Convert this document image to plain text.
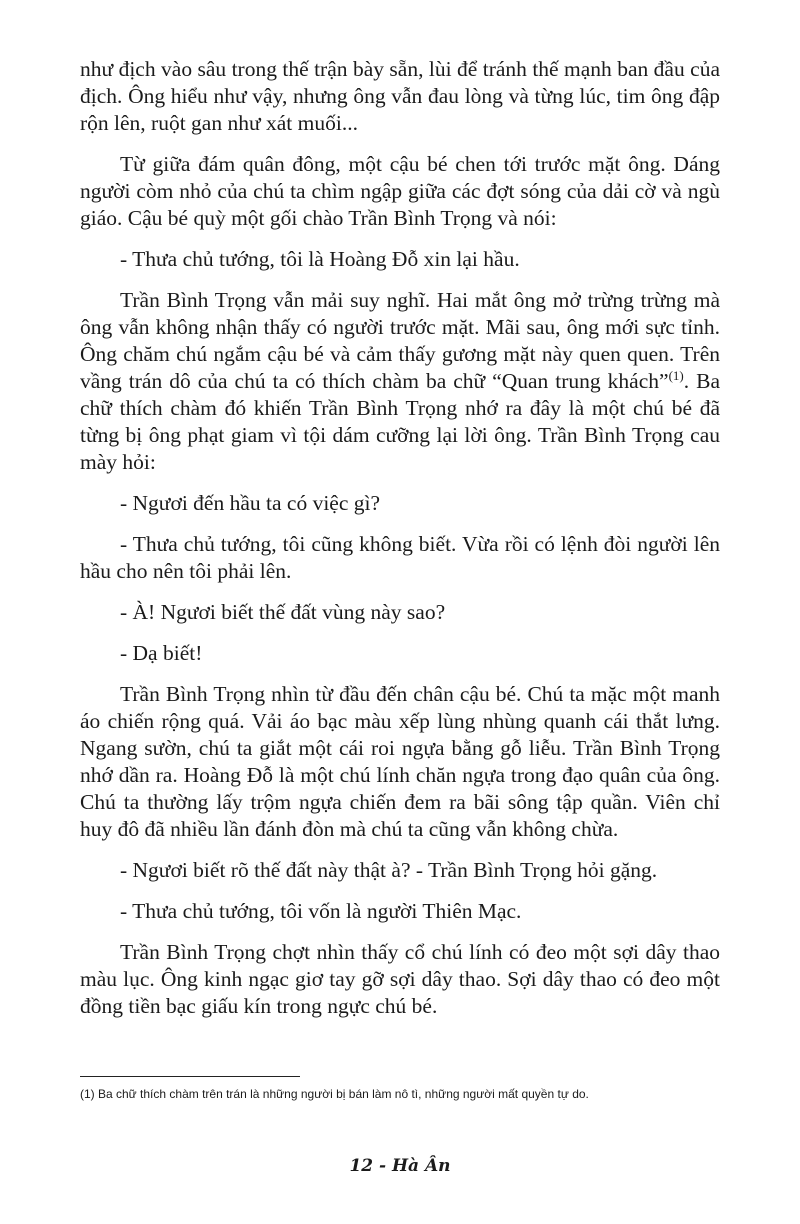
như địch vào sâu trong thế trận bày sẵn, lùi để tránh thế mạnh ban đầu của địch. Ông hiểu như vậy, nhưng ông vẫn đau lòng và từng lúc, tim ông đập rộn lên, ruột gan như xát muối...

Từ giữa đám quân đông, một cậu bé chen tới trước mặt ông. Dáng người còm nhỏ của chú ta chìm ngập giữa các đợt sóng của dải cờ và ngù giáo. Cậu bé quỳ một gối chào Trần Bình Trọng và nói:

- Thưa chủ tướng, tôi là Hoàng Đỗ xin lại hầu.

Trần Bình Trọng vẫn mải suy nghĩ. Hai mắt ông mở trừng trừng mà ông vẫn không nhận thấy có người trước mặt. Mãi sau, ông mới sực tỉnh. Ông chăm chú ngắm cậu bé và cảm thấy gương mặt này quen quen. Trên vầng trán dô của chú ta có thích chàm ba chữ “Quan trung khách”$^{(1)}$. Ba chữ thích chàm đó khiến Trần Bình Trọng nhớ ra đây là một chú bé đã từng bị ông phạt giam vì tội dám cưỡng lại lời ông. Trần Bình Trọng cau mày hỏi:

- Ngươi đến hầu ta có việc gì?

- Thưa chủ tướng, tôi cũng không biết. Vừa rồi có lệnh đòi người lên hầu cho nên tôi phải lên.

- À! Ngươi biết thế đất vùng này sao?

- Dạ biết!

Trần Bình Trọng nhìn từ đầu đến chân cậu bé. Chú ta mặc một manh áo chiến rộng quá. Vải áo bạc màu xếp lùng nhùng quanh cái thắt lưng. Ngang sườn, chú ta giắt một cái roi ngựa bằng gỗ liễu. Trần Bình Trọng nhớ dần ra. Hoàng Đỗ là một chú lính chăn ngựa trong đạo quân của ông. Chú ta thường lấy trộm ngựa chiến đem ra bãi sông tập quần. Viên chỉ huy đô đã nhiều lần đánh đòn mà chú ta cũng vẫn không chừa.

- Ngươi biết rõ thế đất này thật à? - Trần Bình Trọng hỏi gặng.

- Thưa chủ tướng, tôi vốn là người Thiên Mạc.

Trần Bình Trọng chợt nhìn thấy cổ chú lính có đeo một sợi dây thao màu lục. Ông kinh ngạc giơ tay gỡ sợi dây thao. Sợi dây thao có đeo một đồng tiền bạc giấu kín trong ngực chú bé.

(1) Ba chữ thích chàm trên trán là những người bị bán làm nô tì, những người mất quyền tự do.

12 - Hà Ân
